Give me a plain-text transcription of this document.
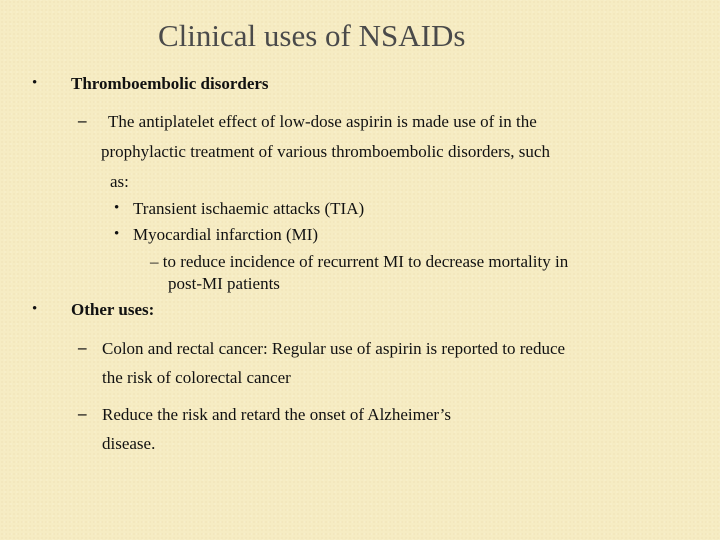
Clinical uses of NSAIDs
• Thromboembolic disorders
– The antiplatelet effect of low-dose aspirin is made use of in the
prophylactic treatment of various thromboembolic disorders, such
as:
• Transient ischaemic attacks (TIA)
• Myocardial infarction (MI)
– to reduce incidence of recurrent MI to decrease mortality in
post-MI patients
• Other uses:
– Colon and rectal cancer: Regular use of aspirin is reported to reduce
the risk of colorectal cancer
– Reduce the risk and retard the onset of Alzheimer’s
disease.
